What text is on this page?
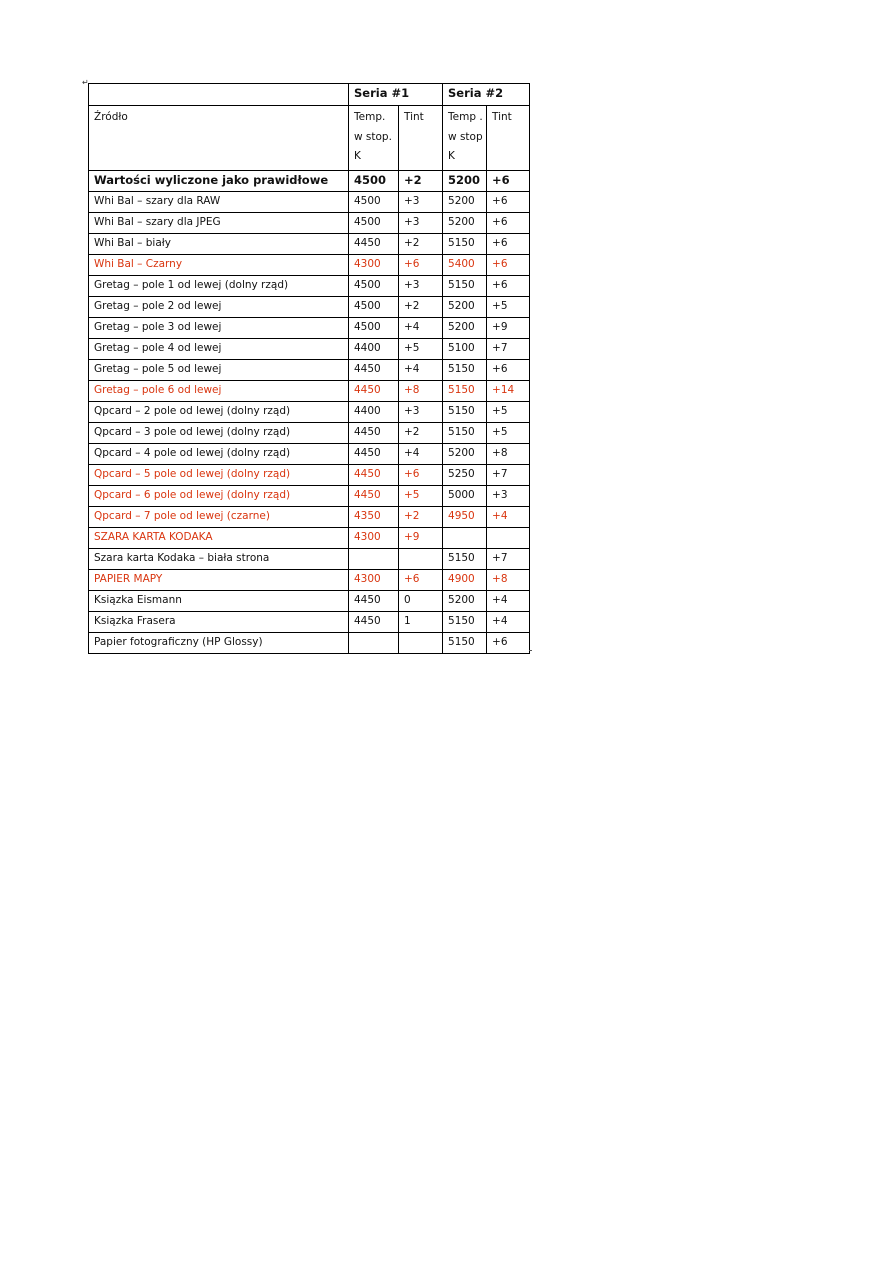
↵
	Seria #1		Seria #2	
Źródło	Temp. w stop. K	Tint	Temp . w stop K	Tint
Wartości wyliczone jako prawidłowe	4500	+2	5200	+6
Whi Bal – szary dla RAW	4500	+3	5200	+6
Whi Bal – szary dla JPEG	4500	+3	5200	+6
Whi Bal – biały	4450	+2	5150	+6
Whi Bal – Czarny	4300	+6	5400	+6
Gretag – pole 1 od lewej (dolny rząd)	4500	+3	5150	+6
Gretag – pole 2 od lewej	4500	+2	5200	+5
Gretag – pole 3 od lewej	4500	+4	5200	+9
Gretag – pole 4 od lewej	4400	+5	5100	+7
Gretag – pole 5 od lewej	4450	+4	5150	+6
Gretag – pole 6 od lewej	4450	+8	5150	+14
Qpcard – 2 pole od lewej (dolny rząd)	4400	+3	5150	+5
Qpcard – 3 pole od lewej (dolny rząd)	4450	+2	5150	+5
Qpcard – 4 pole od lewej (dolny rząd)	4450	+4	5200	+8
Qpcard – 5 pole od lewej (dolny rząd)	4450	+6	5250	+7
Qpcard – 6 pole od lewej (dolny rząd)	4450	+5	5000	+3
Qpcard – 7 pole od lewej (czarne)	4350	+2	4950	+4
SZARA KARTA KODAKA	4300	+9		
Szara karta Kodaka – biała strona			5150	+7
PAPIER MAPY	4300	+6	4900	+8
Ksiązka Eismann	4450	0	5200	+4
Ksiązka Frasera	4450	1	5150	+4
Papier fotograficzny (HP Glossy)			5150	+6
